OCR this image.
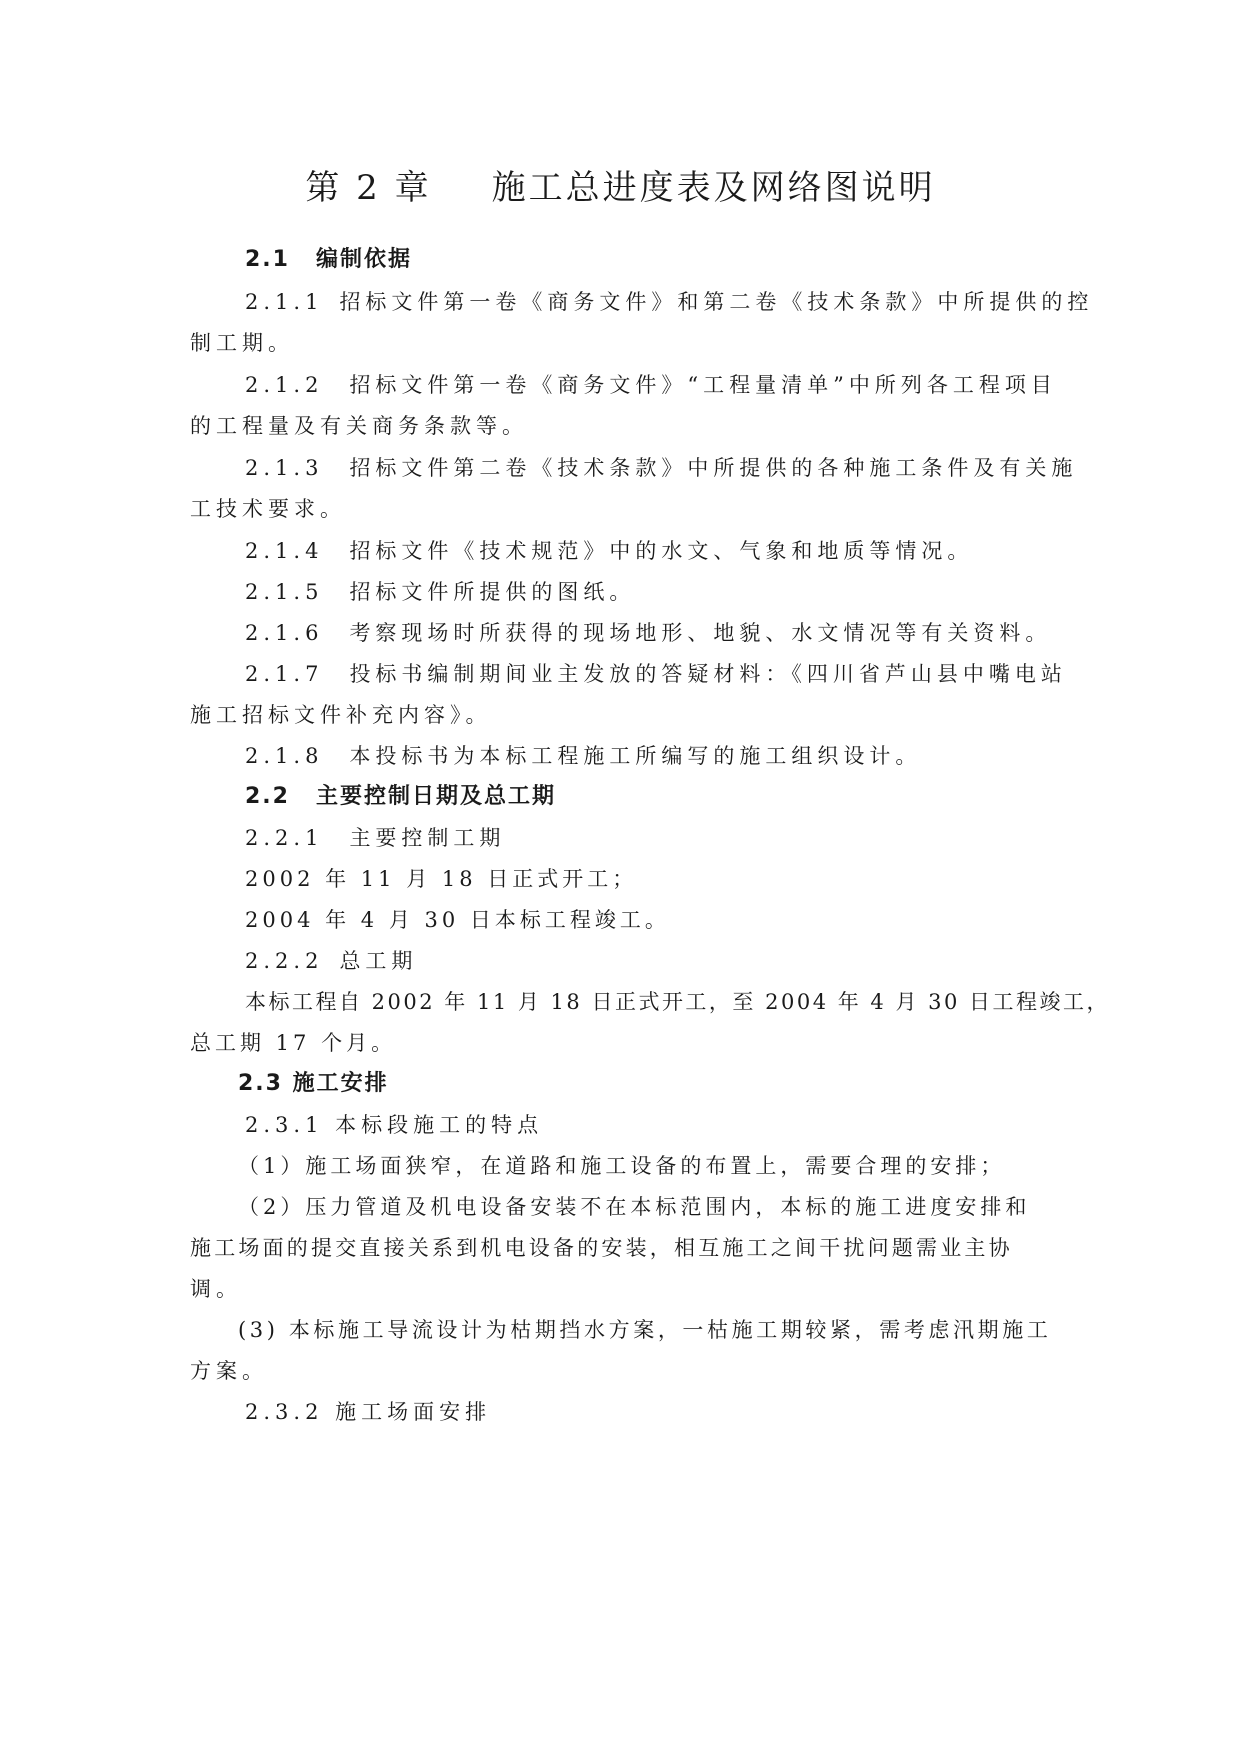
第 2 章 施工总进度表及网络图说明
2.1 编制依据
2.1.1 招标文件第一卷《商务文件》和第二卷《技术条款》中所提供的控
制工期。
2.1.2 招标文件第一卷《商务文件》“工程量清单”中所列各工程项目
的工程量及有关商务条款等。
2.1.3 招标文件第二卷《技术条款》中所提供的各种施工条件及有关施
工技术要求。
2.1.4 招标文件《技术规范》中的水文、气象和地质等情况。
2.1.5 招标文件所提供的图纸。
2.1.6 考察现场时所获得的现场地形、地貌、水文情况等有关资料。
2.1.7 投标书编制期间业主发放的答疑材料：《四川省芦山县中嘴电站
施工招标文件补充内容》。
2.1.8 本投标书为本标工程施工所编写的施工组织设计。
2.2 主要控制日期及总工期
2.2.1 主要控制工期
2002 年 11 月 18 日正式开工；
2004 年 4 月 30 日本标工程竣工。
2.2.2 总工期
本标工程自 2002 年 11 月 18 日正式开工，至 2004 年 4 月 30 日工程竣工，
总工期 17 个月。
2.3 施工安排
2.3.1 本标段施工的特点
（1）施工场面狭窄，在道路和施工设备的布置上，需要合理的安排；
（2）压力管道及机电设备安装不在本标范围内，本标的施工进度安排和
施工场面的提交直接关系到机电设备的安装，相互施工之间干扰问题需业主协
调。
(3) 本标施工导流设计为枯期挡水方案，一枯施工期较紧，需考虑汛期施工
方案。
2.3.2 施工场面安排
